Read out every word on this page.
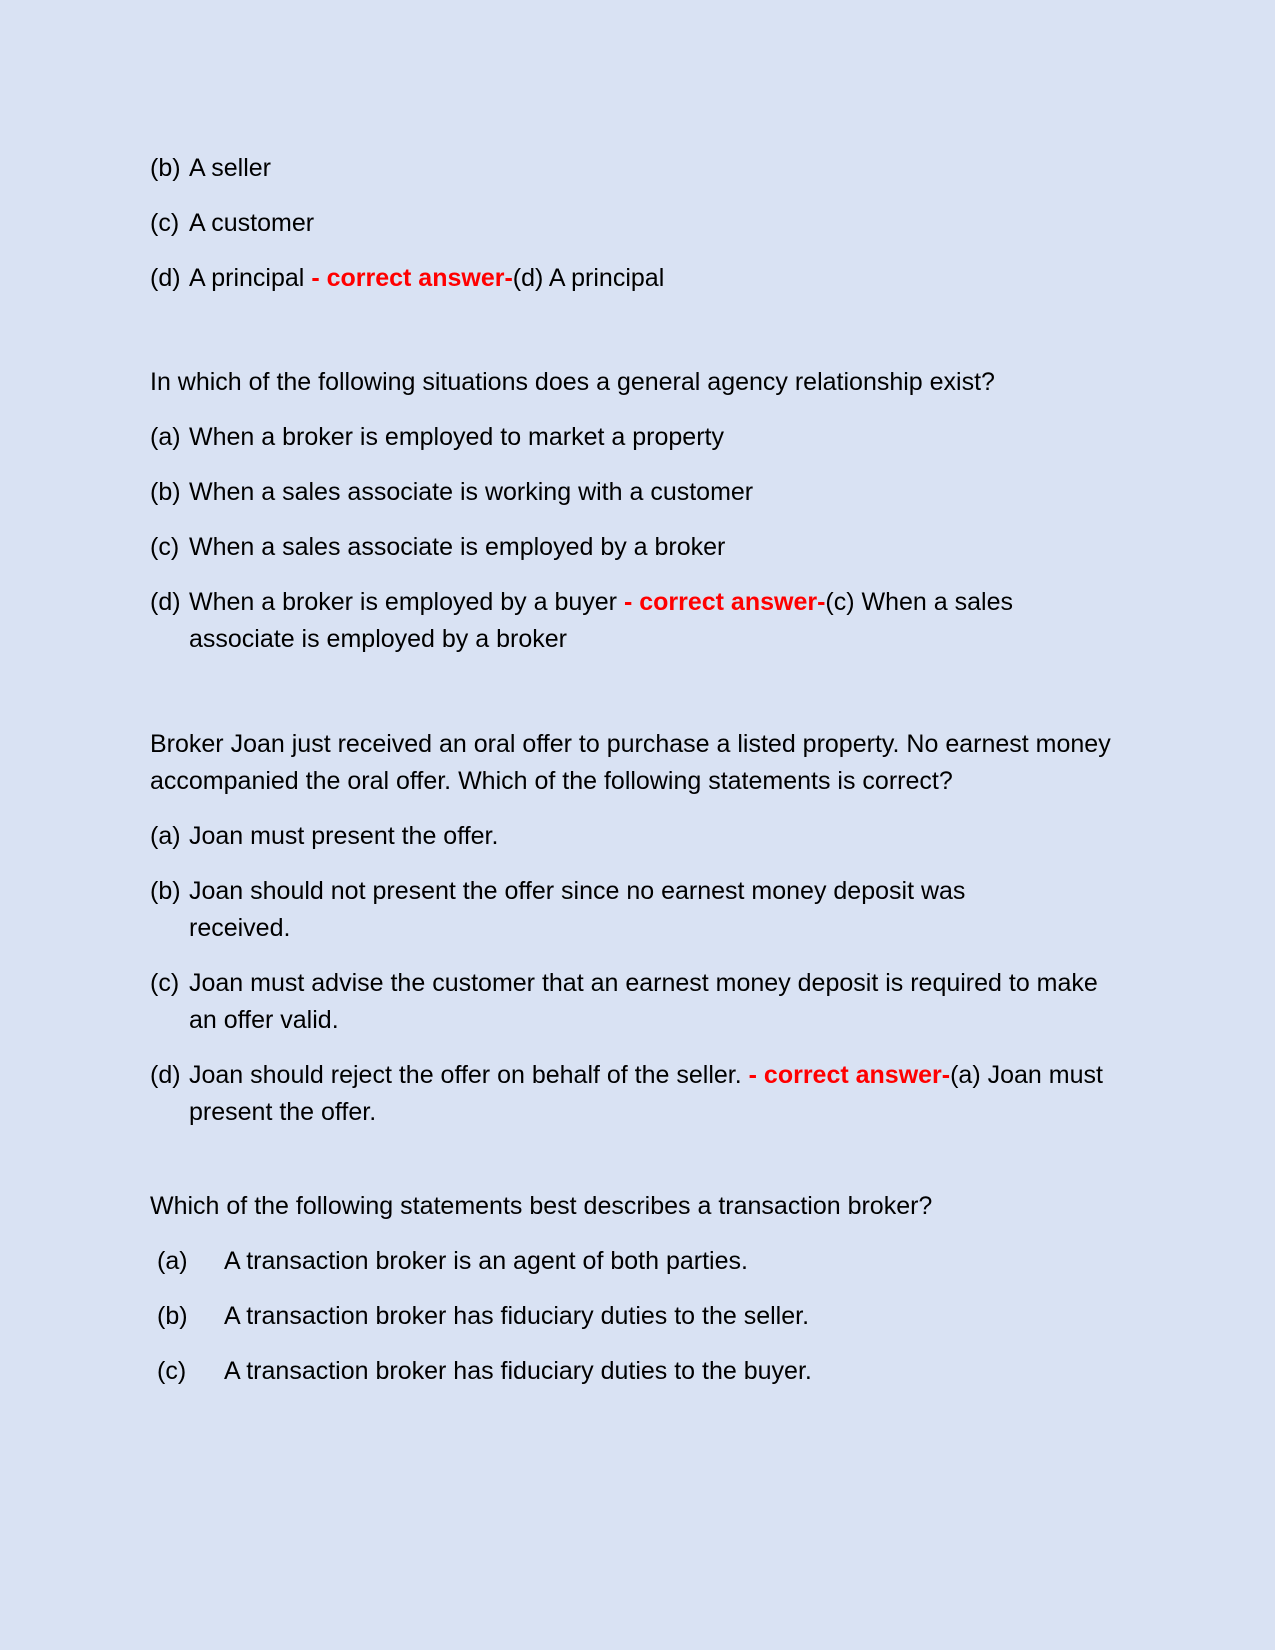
(b) A seller

(c) A customer

(d) A principal - correct answer-(d) A principal

In which of the following situations does a general agency relationship exist?

(a) When a broker is employed to market a property

(b) When a sales associate is working with a customer

(c) When a sales associate is employed by a broker

(d) When a broker is employed by a buyer - correct answer-(c) When a sales associate is employed by a broker

Broker Joan just received an oral offer to purchase a listed property. No earnest money accompanied the oral offer. Which of the following statements is correct?

(a) Joan must present the offer.

(b) Joan should not present the offer since no earnest money deposit was received.

(c) Joan must advise the customer that an earnest money deposit is required to make an offer valid.

(d) Joan should reject the offer on behalf of the seller. - correct answer-(a) Joan must present the offer.

Which of the following statements best describes a transaction broker?

(a) A transaction broker is an agent of both parties.

(b) A transaction broker has fiduciary duties to the seller.

(c) A transaction broker has fiduciary duties to the buyer.
